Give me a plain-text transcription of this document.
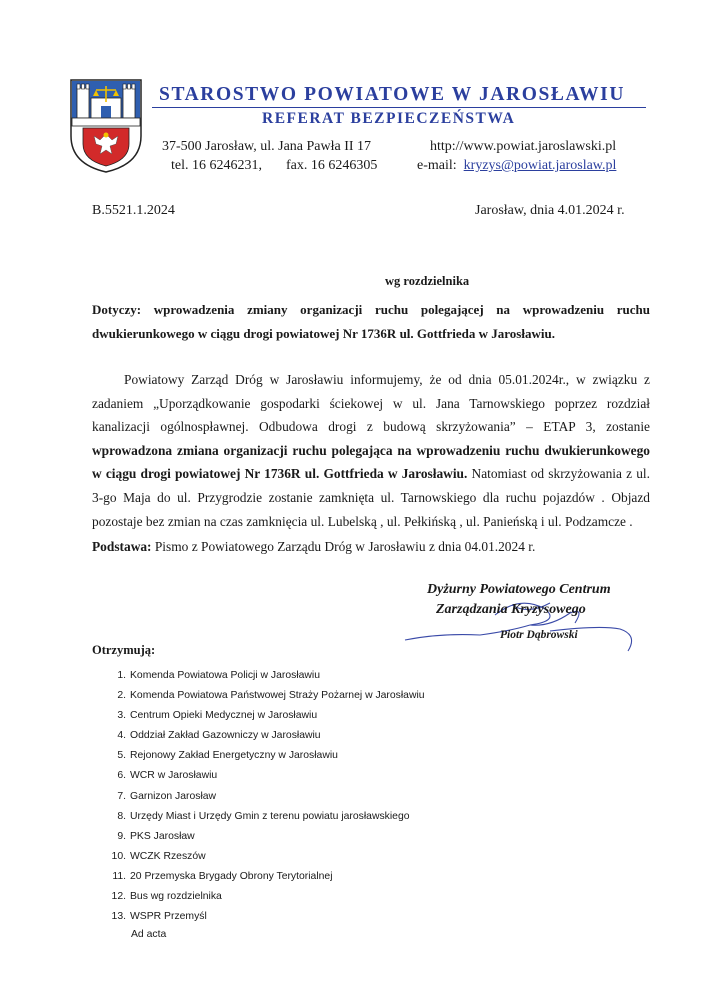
STAROSTWO POWIATOWE W JAROSŁAWIU
REFERAT BEZPIECZEŃSTWA
37-500 Jarosław, ul. Jana Pawła II 17
tel. 16 6246231, fax. 16 6246305
http://www.powiat.jaroslawski.pl
e-mail: kryzys@powiat.jaroslaw.pl
B.5521.1.2024	Jarosław, dnia 4.01.2024 r.
wg rozdzielnika
Dotyczy: wprowadzenia zmiany organizacji ruchu polegającej na wprowadzeniu ruchu dwukierunkowego w ciągu drogi powiatowej Nr 1736R ul. Gottfrieda w Jarosławiu.
Powiatowy Zarząd Dróg w Jarosławiu informujemy, że od dnia 05.01.2024r., w związku z zadaniem „Uporządkowanie gospodarki ściekowej w ul. Jana Tarnowskiego poprzez rozdział kanalizacji ogólnospławnej. Odbudowa drogi z budową skrzyżowania” – ETAP 3, zostanie wprowadzona zmiana organizacji ruchu polegająca na wprowadzeniu ruchu dwukierunkowego w ciągu drogi powiatowej Nr 1736R ul. Gottfrieda w Jarosławiu. Natomiast od skrzyżowania z ul. 3-go Maja do ul. Przygrodzie zostanie zamknięta ul. Tarnowskiego dla ruchu pojazdów . Objazd pozostaje bez zmian na czas zamknięcia ul. Lubelską , ul. Pełkińską , ul. Panieńską i ul. Podzamcze .
Podstawa: Pismo z Powiatowego Zarządu Dróg w Jarosławiu z dnia 04.01.2024 r.
Dyżurny Powiatowego Centrum
Zarządzania Kryzysowego
Piotr Dąbrowski
Otrzymują:
1. Komenda Powiatowa Policji w Jarosławiu
2. Komenda Powiatowa Państwowej Straży Pożarnej w Jarosławiu
3. Centrum Opieki Medycznej w Jarosławiu
4. Oddział Zakład Gazowniczy w Jarosławiu
5. Rejonowy Zakład Energetyczny w Jarosławiu
6. WCR w Jarosławiu
7. Garnizon Jarosław
8. Urzędy Miast i Urzędy Gmin z terenu powiatu jarosławskiego
9. PKS Jarosław
10. WCZK Rzeszów
11. 20 Przemyska Brygady Obrony Terytorialnej
12. Bus wg rozdzielnika
13. WSPR Przemyśl
Ad acta
